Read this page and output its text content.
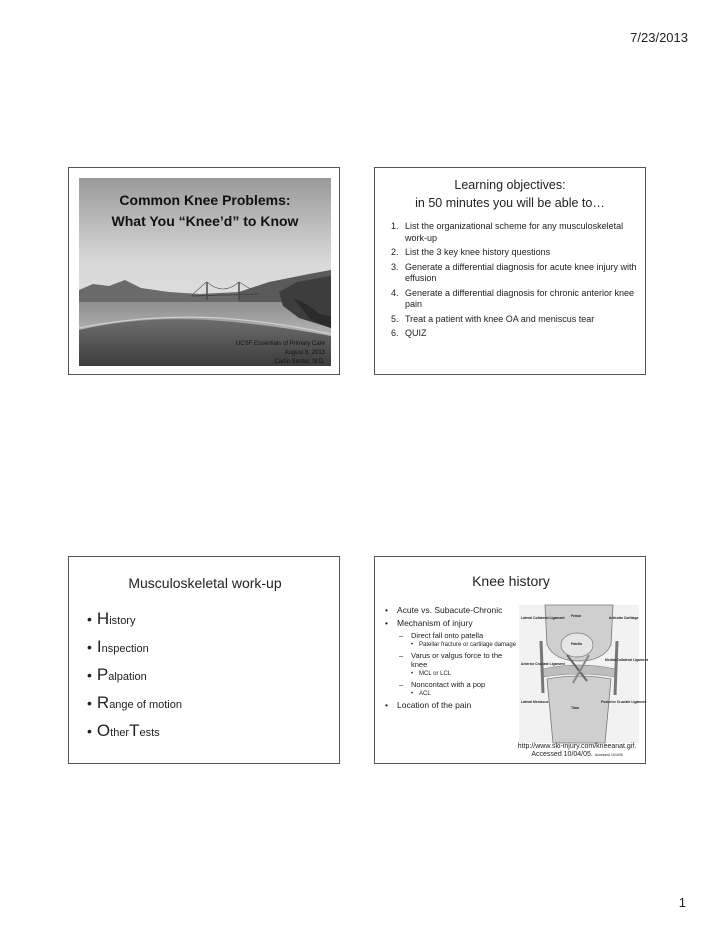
7/23/2013
Common Knee Problems:
What You “Knee’d” to Know
UCSF Essentials of Primary Care
August 8, 2013
Carlin Senter, M.D.
Learning objectives:
in 50 minutes you will be able to…
1. List the organizational scheme for any musculoskeletal work-up
2. List the 3 key knee history questions
3. Generate a differential diagnosis for acute knee injury with effusion
4. Generate a differential diagnosis for chronic anterior knee pain
5. Treat a patient with knee OA and meniscus tear
6. QUIZ
Musculoskeletal work-up
• H istory
• I nspection
• P alpation
• R ange of motion
• O ther T ests
Knee history
•	Acute vs. Subacute-Chronic
•	Mechanism of injury
–	Direct fall onto patella
• Patellar fracture or cartilage damage
–	Varus or valgus force to the knee
• MCL or LCL
–	Noncontact with a pop
• ACL
•	Location of the pain
Lateral Collateral Ligament Femur	Articular Cartilage
Patella
Anterior Cruciate Ligament
Medial Collateral Ligament
Lateral Meniscus
Tibia
Posterior Cruciate Ligament
http://www.ski-injury.com/kneeanat.gif.
Accessed 10/04/05. Accessed 10/4/05
1
